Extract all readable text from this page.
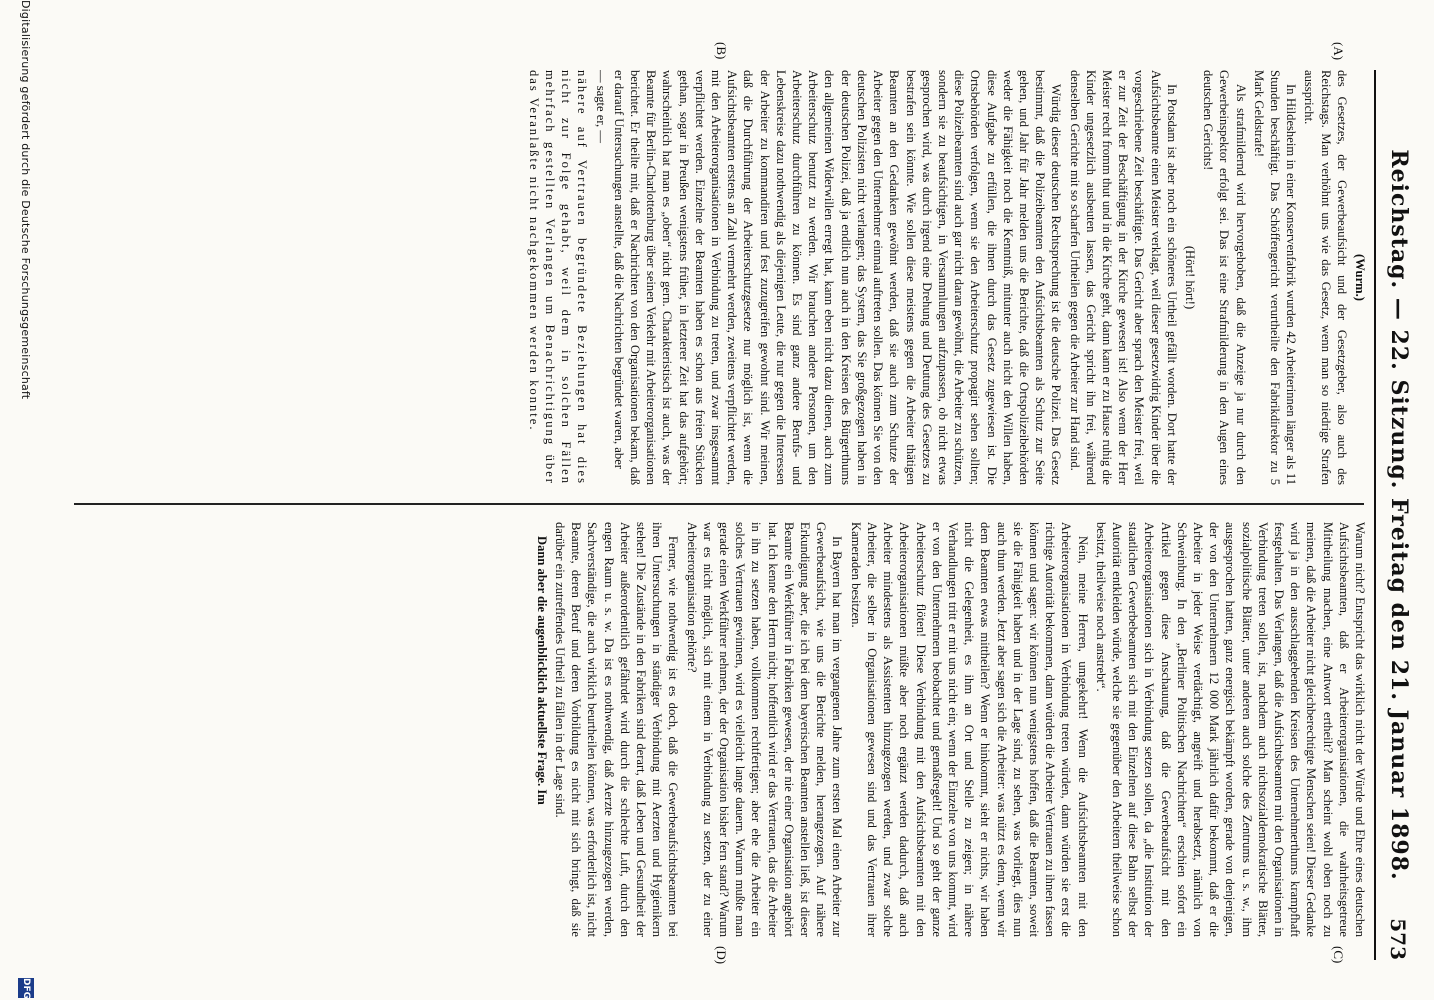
Reichstag. — 22. Sitzung. Freitag den 21. Januar 1898.
573
(A)
(B)
(C)
(D)

(Wurm.)

des Gesetzes, der Gewerbeaufsicht und der Gesetzgeber, also auch des Reichstags. Man verhöhnt uns wie das Gesetz, wenn man so niedrige Strafen ausspricht.

In Hildesheim in einer Konservenfabrik wurden 42 Arbeiterinnen länger als 11 Stunden beschäftigt. Das Schöffengericht verurtheilte den Fabrikdirektor zu 5 Mark Geldstrafe!

Als strafmildernd wird hervorgehoben, daß die Anzeige ja nur durch den Gewerbeinspektor erfolgt sei. Das ist eine Strafmilderung in den Augen eines deutschen Gerichts!

(Hört! hört!)

In Potsdam ist aber noch ein schöneres Urtheil gefällt worden. Dort hatte der Aufsichtsbeamte einen Meister verklagt, weil dieser gesetzwidrig Kinder über die vorgeschriebene Zeit beschäftigte. Das Gericht aber sprach den Meister frei, weil er zur Zeit der Beschäftigung in der Kirche gewesen ist! Also wenn der Herr Meister recht fromm thut und in die Kirche geht, dann kann er zu Hause ruhig die Kinder ungesetzlich ausbeuten lassen, das Gericht spricht ihn frei, während denselben Gerichte mit so scharfen Urtheilen gegen die Arbeiter zur Hand sind.

Würdig dieser deutschen Rechtsprechung ist die deutsche Polizei. Das Gesetz bestimmt, daß die Polizeibeamten den Aufsichtsbeamten als Schutz zur Seite gehen, und Jahr für Jahr melden uns die Berichte, daß die Ortspolizeibehörden weder die Fähigkeit noch die Kenntniß, mitunter auch nicht den Willen haben, diese Aufgabe zu erfüllen, die ihnen durch das Gesetz zugewiesen ist. Die Ortsbehörden verfolgen, wenn sie den Arbeiterschutz propagirt sehen sollten; diese Polizeibeamten sind auch gar nicht daran gewöhnt, die Arbeiter zu schützen, sondern sie zu beaufsichtigen, in Versammlungen aufzupassen, ob nicht etwas gesprochen wird, was durch irgend eine Drehung und Deutung des Gesetzes zu bestrafen sein könnte. Wie sollen diese meistens gegen die Arbeiter thätigen Beamten an den Gedanken gewöhnt werden, daß sie auch zum Schutze der Arbeiter gegen den Unternehmer einmal auftreten sollen. Das können Sie von den deutschen Polizisten nicht verlangen; das System, das Sie großgezogen haben in der deutschen Polizei, daß ja endlich nun auch in den Kreisen des Bürgerthums den allgemeinen Widerwillen erregt hat, kann eben nicht dazu dienen, auch zum Arbeiterschutz benutzt zu werden. Wir brauchen andere Personen, um den Arbeiterschutz durchführen zu können. Es sind ganz andere Berufs- und Lebenskreise dazu nothwendig als diejenigen Leute, die nur gegen die Interessen der Arbeiter zu kommandiren und fest zuzugreifen gewohnt sind. Wir meinen, daß die Durchführung der Arbeiterschutzgesetze nur möglich ist, wenn die Aufsichtsbeamten erstens an Zahl vermehrt werden, zweitens verpflichtet werden, mit den Arbeiterorganisationen in Verbindung zu treten, und zwar insgesammt verpflichtet werden. Einzelne der Beamten haben es schon aus freien Stücken gethan, sogar in Preußen wenigstens früher, in letzterer Zeit hat das aufgehört; wahrscheinlich hat man es „oben“ nicht gern. Charakteristisch ist auch, was der Beamte für Berlin-Charlottenburg über seinen Verkehr mit Arbeiterorganisationen berichtet. Er theilte mit, daß er Nachrichten von den Organisationen bekam, daß er darauf Untersuchungen anstellte, daß die Nachrichten begründet waren, aber

— sagte er, —

nähere auf Vertrauen begründete Beziehungen hat dies nicht zur Folge gehabt, weil dem in solchen Fällen mehrfach gestellten Verlangen um Benachrichtigung über das Veranlaßte nicht nachgekommen werden konnte.

Warum nicht? Entspricht das wirklich nicht der Würde und Ehre eines deutschen Aufsichtsbeamten, daß er Arbeiterorganisationen, die wahrheitsgetreue Mittheilung machen, eine Antwort ertheilt? Man scheint wohl oben noch zu meinen, daß die Arbeiter nicht gleichberechtigte Menschen seien! Dieser Gedanke wird ja in den ausschlaggebenden Kreisen des Unternehmerthums krampfhaft festgehalten. Das Verlangen, daß die Aufsichtsbeamten mit den Organisationen in Verbindung treten sollen, ist, nachdem auch nichtsozialdemokratische Blätter, sozialpolitische Blätter, unter anderen auch solche des Zentrums u. s. w., ihm ausgesprochen hatten, ganz energisch bekämpft worden, gerade von denjenigen, der von den Unternehmern 12 000 Mark jährlich dafür bekommt, daß er die Arbeiter in jeder Weise verdächtigt, angreift und herabsetzt, nämlich von Schweinburg. In den „Berliner Politischen Nachrichten“ erschien sofort ein Artikel gegen diese Anschauung, daß die Gewerbeaufsicht mit den Arbeiterorganisationen sich in Verbindung setzen sollen, da „die Institution der staatlichen Gewerbebeamten sich mit den Einzelnen auf diese Bahn selbst der Autorität entkleiden würde, welche sie gegenüber den Arbeitern theilweise schon besitzt, theilweise noch anstrebt“.

Nein, meine Herren, umgekehrt! Wenn die Aufsichtsbeamten mit den Arbeiterorganisationen in Verbindung treten würden, dann würden sie erst die richtige Autorität bekommen, dann würden die Arbeiter Vertrauen zu ihnen fassen können und sagen: wir können nun wenigstens hoffen, daß die Beamten, soweit sie die Fähigkeit haben und in der Lage sind, zu sehen, was vorliegt, dies nun auch thun werden. Jetzt aber sagen sich die Arbeiter: was nützt es denn, wenn wir dem Beamten etwas mittheilen? Wenn er hinkommt, sieht er nichts, wir haben nicht die Gelegenheit, es ihm an Ort und Stelle zu zeigen; in nähere Verhandlungen tritt er mit uns nicht ein; wenn der Einzelne von uns kommt, wird er von den Unternehmern beobachtet und gemaßregelt! Und so geht der ganze Arbeiterschutz flöten! Diese Verbindung mit den Aufsichtsbeamten mit den Arbeiterorganisationen müßte aber noch ergänzt werden dadurch, daß auch Arbeiter mindestens als Assistenten hinzugezogen werden, und zwar solche Arbeiter, die selber in Organisationen gewesen sind und das Vertrauen ihrer Kameraden besitzen.

In Bayern hat man im vergangenen Jahre zum ersten Mal einen Arbeiter zur Gewerbeaufsicht, wie uns die Berichte melden, herangezogen. Auf nähere Erkundigung aber, die ich bei dem bayerischen Beamten anstellen ließ, ist dieser Beamte ein Werkführer in Fabriken gewesen, der nie einer Organisation angehört hat. Ich kenne den Herrn nicht; hoffentlich wird er das Vertrauen, das die Arbeiter in ihn zu setzen haben, vollkommen rechtfertigen; aber ehe die Arbeiter ein solches Vertrauen gewinnen, wird es vielleicht lange dauern. Warum mußte man gerade einen Werkführer nehmen, der der Organisation bisher fern stand? Warum war es nicht möglich, sich mit einem in Verbindung zu setzen, der zu einer Arbeiterorganisation gehörte?

Ferner, wie nothwendig ist es doch, daß die Gewerbeaufsichtsbeamten bei ihren Untersuchungen in ständiger Verbindung mit Aerzten und Hygienikern stehen! Die Zustände in den Fabriken sind derart, daß Leben und Gesundheit der Arbeiter außerordentlich gefährdet wird durch die schlechte Luft, durch den engen Raum u. s. w. Da ist es nothwendig, daß Aerzte hinzugezogen werden, Sachverständige, die auch wirklich beurtheilen können, was erforderlich ist, nicht Beamte, deren Beruf und deren Vorbildung es nicht mit sich bringt, daß sie darüber ein zutreffendes Urtheil zu fällen in der Lage sind.

Dann aber die augenblicklich aktuellste Frage. Im

Digitalisierung gefördert durch die Deutsche Forschungsgemeinschaft
DFG
